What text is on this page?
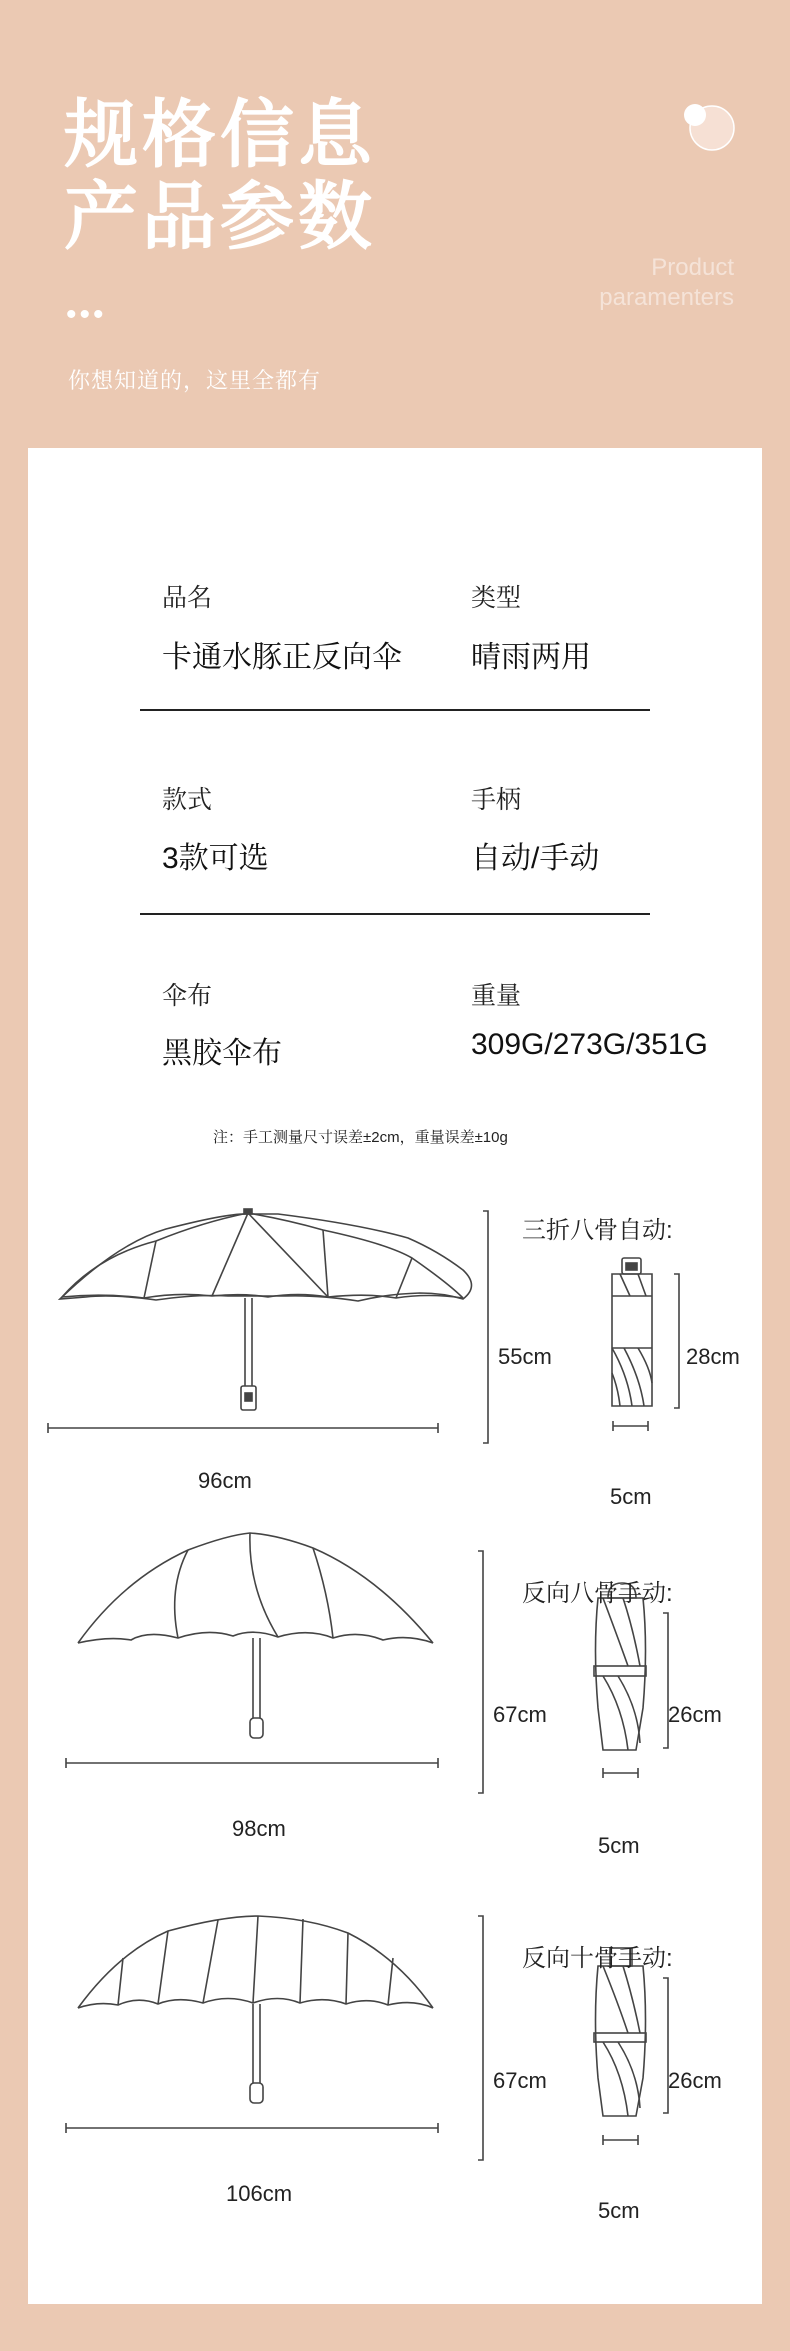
规格信息
产品参数
•••
你想知道的，这里全都有
Product
paramenters
品名
卡通水豚正反向伞
类型
晴雨两用
款式
3款可选
手柄
自动/手动
伞布
黑胶伞布
重量
309G/273G/351G
注：手工测量尺寸误差±2cm，重量误差±10g
三折八骨自动:
96cm
55cm	28cm
5cm
反向八骨手动:
98cm
67cm	26cm
5cm
反向十骨手动:
106cm
67cm	26cm
5cm
